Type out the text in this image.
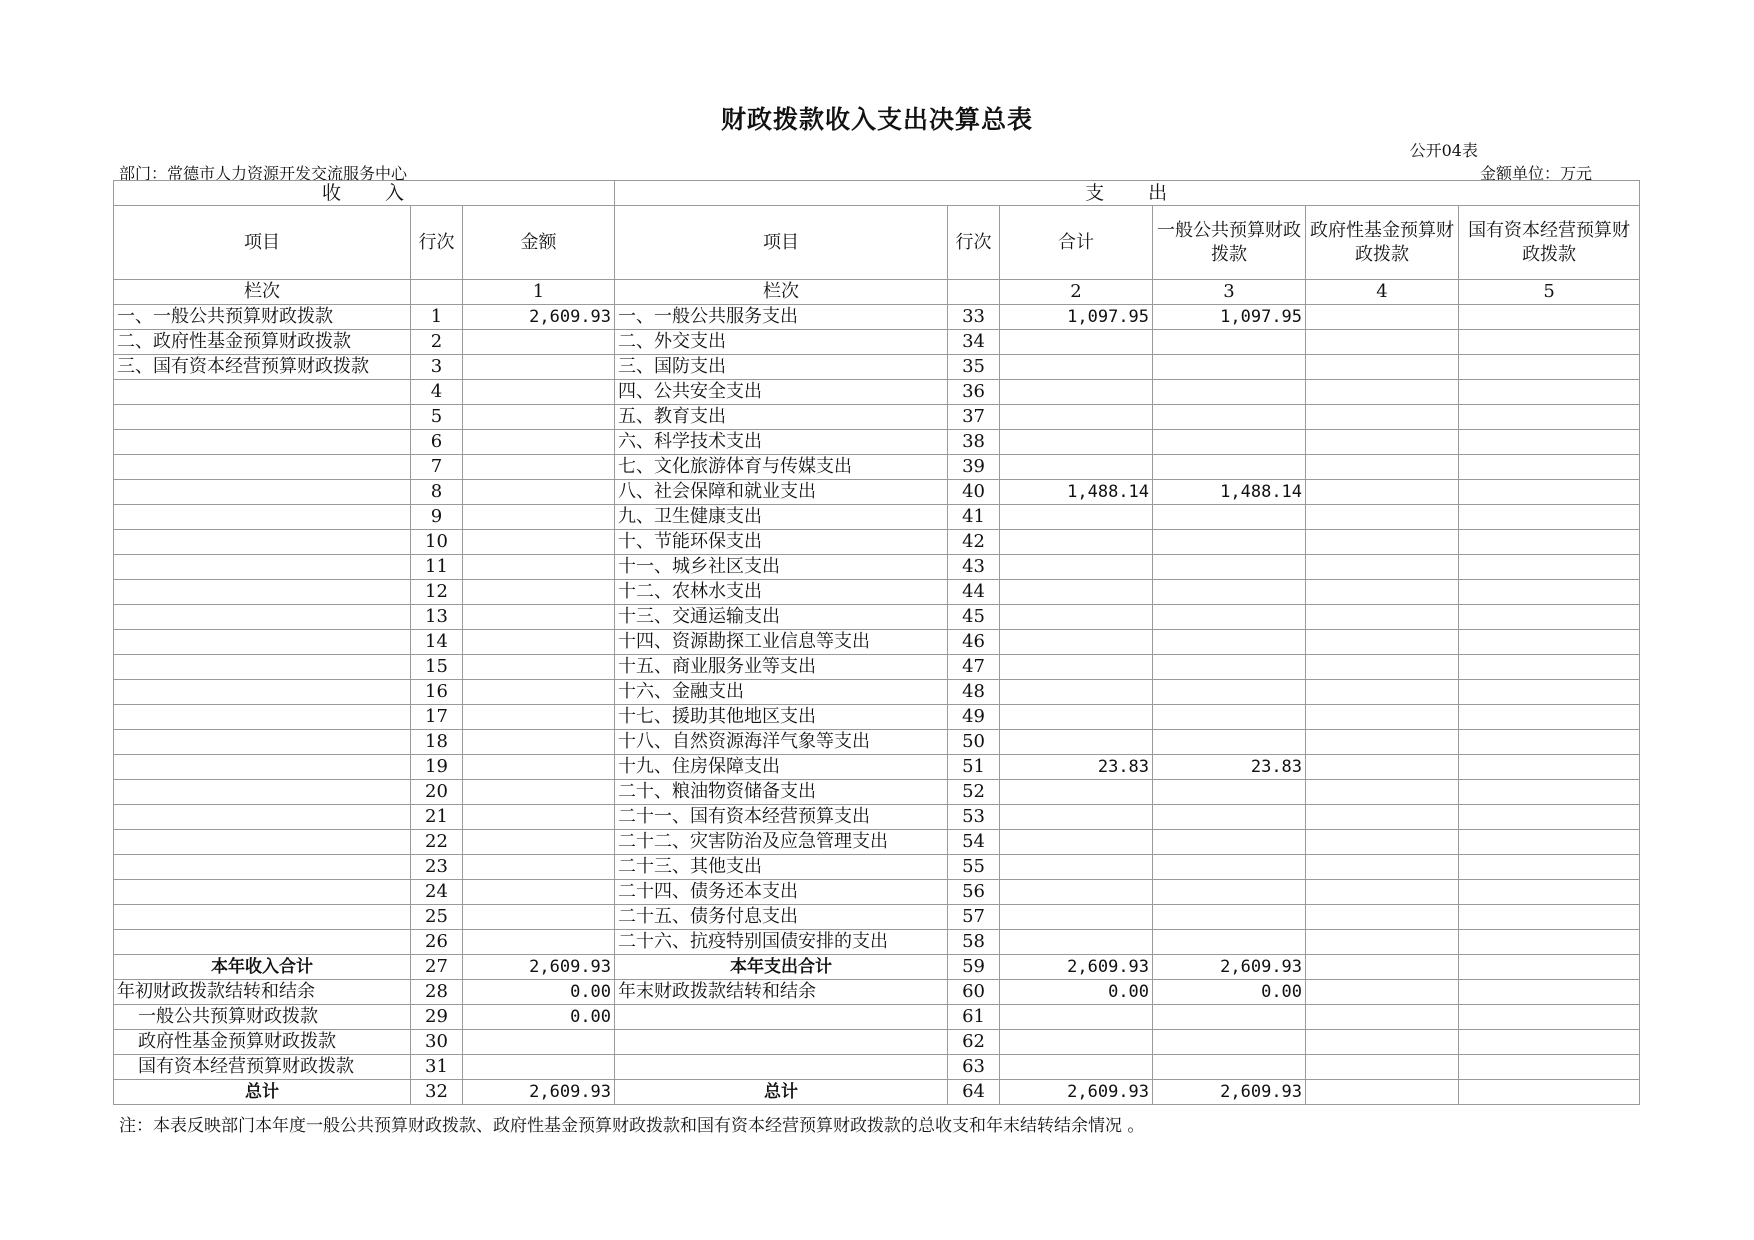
财政拨款收入支出决算总表
公开04表
部门：常德市人力资源开发交流服务中心	金额单位：万元
收　　入			支　　出					
项目	行次	金额	项目	行次	合计	一般公共预算财政拨款	政府性基金预算财政拨款	国有资本经营预算财政拨款
栏次		1	栏次		2	3	4	5
一、一般公共预算财政拨款	1	2,609.93	一、一般公共服务支出	33	1,097.95	1,097.95		
二、政府性基金预算财政拨款	2		二、外交支出	34				
三、国有资本经营预算财政拨款	3		三、国防支出	35				
	4		四、公共安全支出	36				
	5		五、教育支出	37				
	6		六、科学技术支出	38				
	7		七、文化旅游体育与传媒支出	39				
	8		八、社会保障和就业支出	40	1,488.14	1,488.14		
	9		九、卫生健康支出	41				
	10		十、节能环保支出	42				
	11		十一、城乡社区支出	43				
	12		十二、农林水支出	44				
	13		十三、交通运输支出	45				
	14		十四、资源勘探工业信息等支出	46				
	15		十五、商业服务业等支出	47				
	16		十六、金融支出	48				
	17		十七、援助其他地区支出	49				
	18		十八、自然资源海洋气象等支出	50				
	19		十九、住房保障支出	51	23.83	23.83		
	20		二十、粮油物资储备支出	52				
	21		二十一、国有资本经营预算支出	53				
	22		二十二、灾害防治及应急管理支出	54				
	23		二十三、其他支出	55				
	24		二十四、债务还本支出	56				
	25		二十五、债务付息支出	57				
	26		二十六、抗疫特别国债安排的支出	58				
本年收入合计	27	2,609.93	本年支出合计	59	2,609.93	2,609.93		
年初财政拨款结转和结余	28	0.00	年末财政拨款结转和结余	60	0.00	0.00		
一般公共预算财政拨款	29	0.00		61				
政府性基金预算财政拨款	30			62				
国有资本经营预算财政拨款	31			63				
总计	32	2,609.93	总计	64	2,609.93	2,609.93		
注：本表反映部门本年度一般公共预算财政拨款、政府性基金预算财政拨款和国有资本经营预算财政拨款的总收支和年末结转结余情况 。
